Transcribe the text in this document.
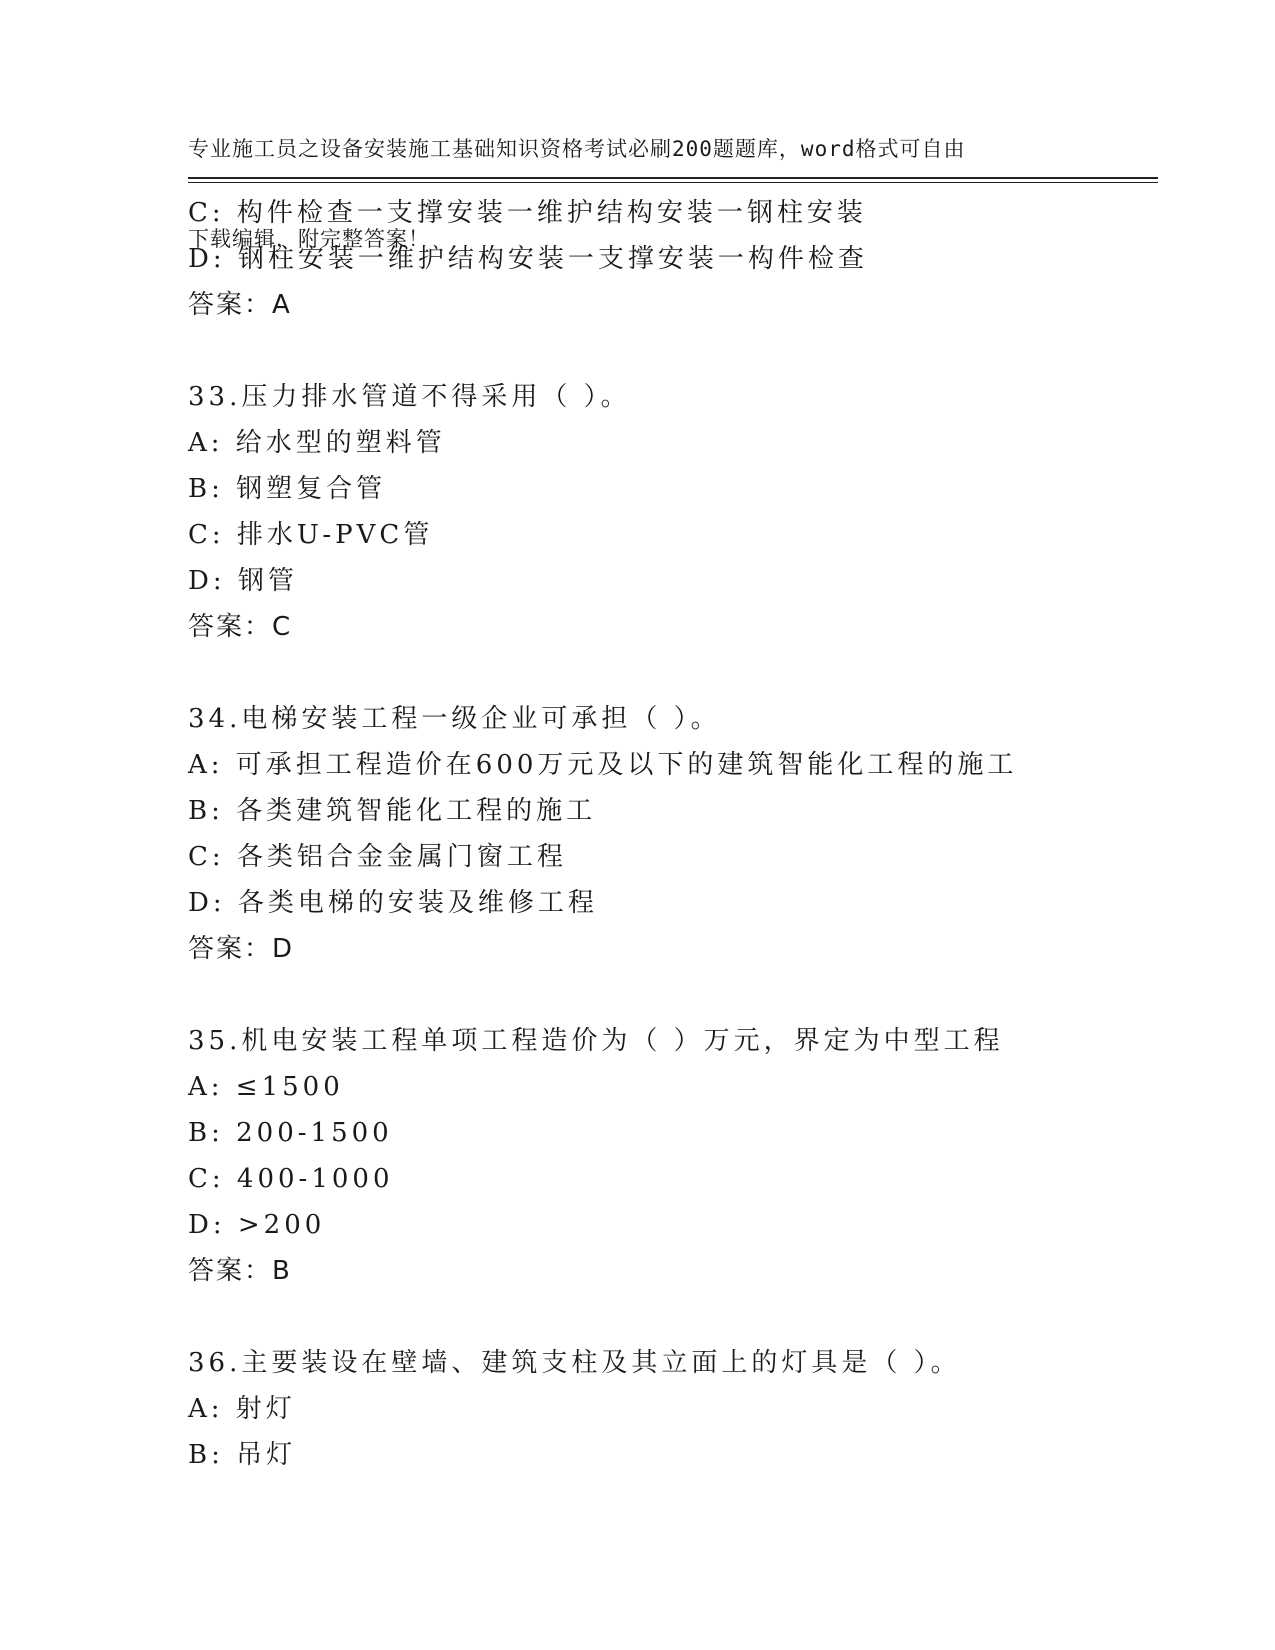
专业施工员之设备安装施工基础知识资格考试必刷200题题库，word格式可自由

下载编辑，附完整答案！

C: 构件检查一支撑安装一维护结构安装一钢柱安装
D: 钢柱安装一维护结构安装一支撑安装一构件检查
答案：A
33.压力排水管道不得采用（ ）。
A: 给水型的塑料管
B: 钢塑复合管
C: 排水U-PVC管
D: 钢管
答案：C
34.电梯安装工程一级企业可承担（ ）。
A: 可承担工程造价在600万元及以下的建筑智能化工程的施工
B: 各类建筑智能化工程的施工
C: 各类铝合金金属门窗工程
D: 各类电梯的安装及维修工程
答案：D
35.机电安装工程单项工程造价为（ ）万元，界定为中型工程
A: ≤1500
B: 200-1500
C: 400-1000
D: >200
答案：B
36.主要装设在壁墙、建筑支柱及其立面上的灯具是（ ）。
A: 射灯
B: 吊灯
